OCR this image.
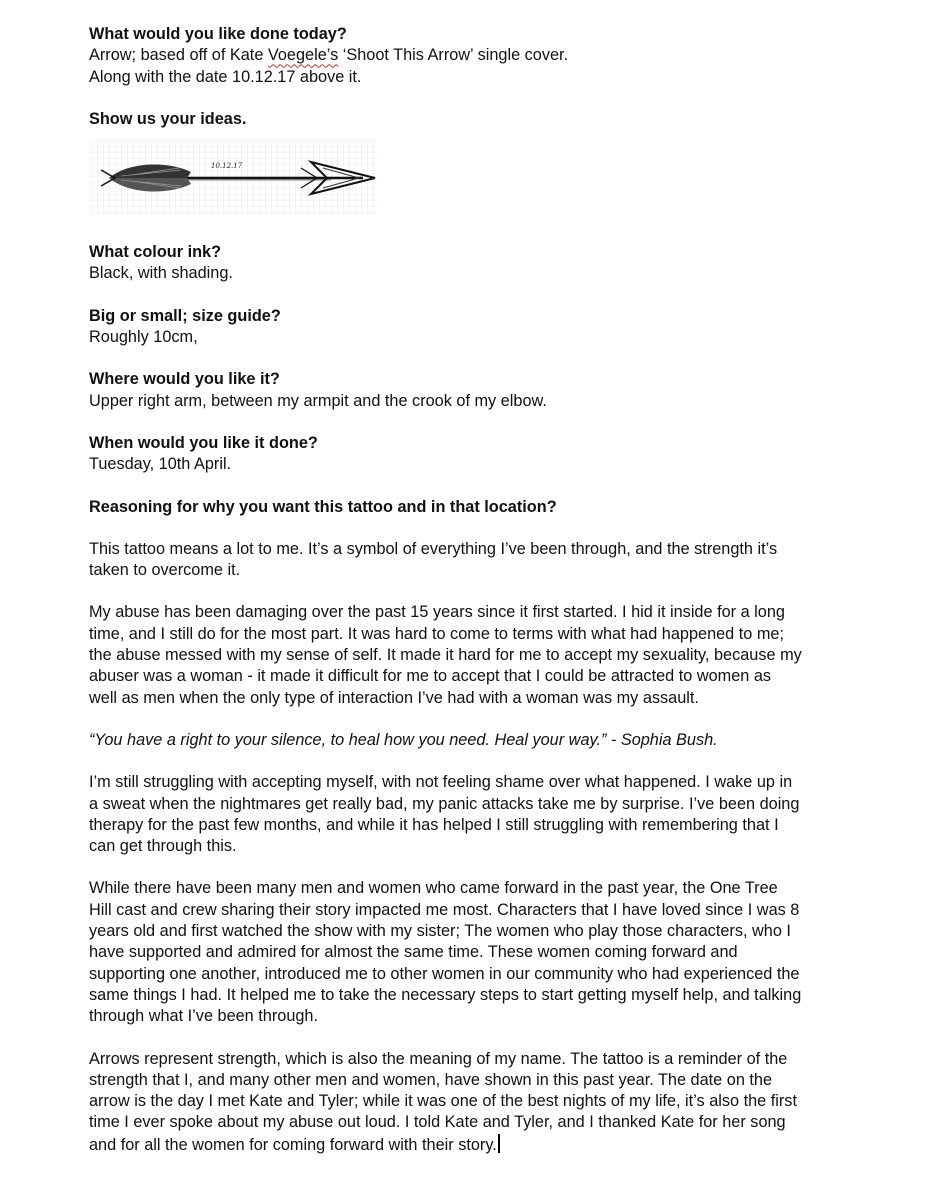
What would you like done today?

Arrow; based off of Kate Voegele’s ‘Shoot This Arrow’ single cover.

Along with the date 10.12.17 above it.

Show us your ideas.

10.12.17

What colour ink?

Black, with shading.

Big or small; size guide?

Roughly 10cm,

Where would you like it?

Upper right arm, between my armpit and the crook of my elbow.

When would you like it done?

Tuesday, 10th April.

Reasoning for why you want this tattoo and in that location?

This tattoo means a lot to me. It’s a symbol of everything I’ve been through, and the strength it’s
taken to overcome it.

My abuse has been damaging over the past 15 years since it first started. I hid it inside for a long
time, and I still do for the most part. It was hard to come to terms with what had happened to me;
the abuse messed with my sense of self. It made it hard for me to accept my sexuality, because my
abuser was a woman - it made it difficult for me to accept that I could be attracted to women as
well as men when the only type of interaction I’ve had with a woman was my assault.

“You have a right to your silence, to heal how you need. Heal your way.” - Sophia Bush.

I’m still struggling with accepting myself, with not feeling shame over what happened. I wake up in
a sweat when the nightmares get really bad, my panic attacks take me by surprise. I’ve been doing
therapy for the past few months, and while it has helped I still struggling with remembering that I
can get through this.

While there have been many men and women who came forward in the past year, the One Tree
Hill cast and crew sharing their story impacted me most. Characters that I have loved since I was 8
years old and first watched the show with my sister; The women who play those characters, who I
have supported and admired for almost the same time. These women coming forward and
supporting one another, introduced me to other women in our community who had experienced the
same things I had. It helped me to take the necessary steps to start getting myself help, and talking
through what I’ve been through.

Arrows represent strength, which is also the meaning of my name. The tattoo is a reminder of the
strength that I, and many other men and women, have shown in this past year. The date on the
arrow is the day I met Kate and Tyler; while it was one of the best nights of my life, it’s also the first
time I ever spoke about my abuse out loud. I told Kate and Tyler, and I thanked Kate for her song
and for all the women for coming forward with their story.
